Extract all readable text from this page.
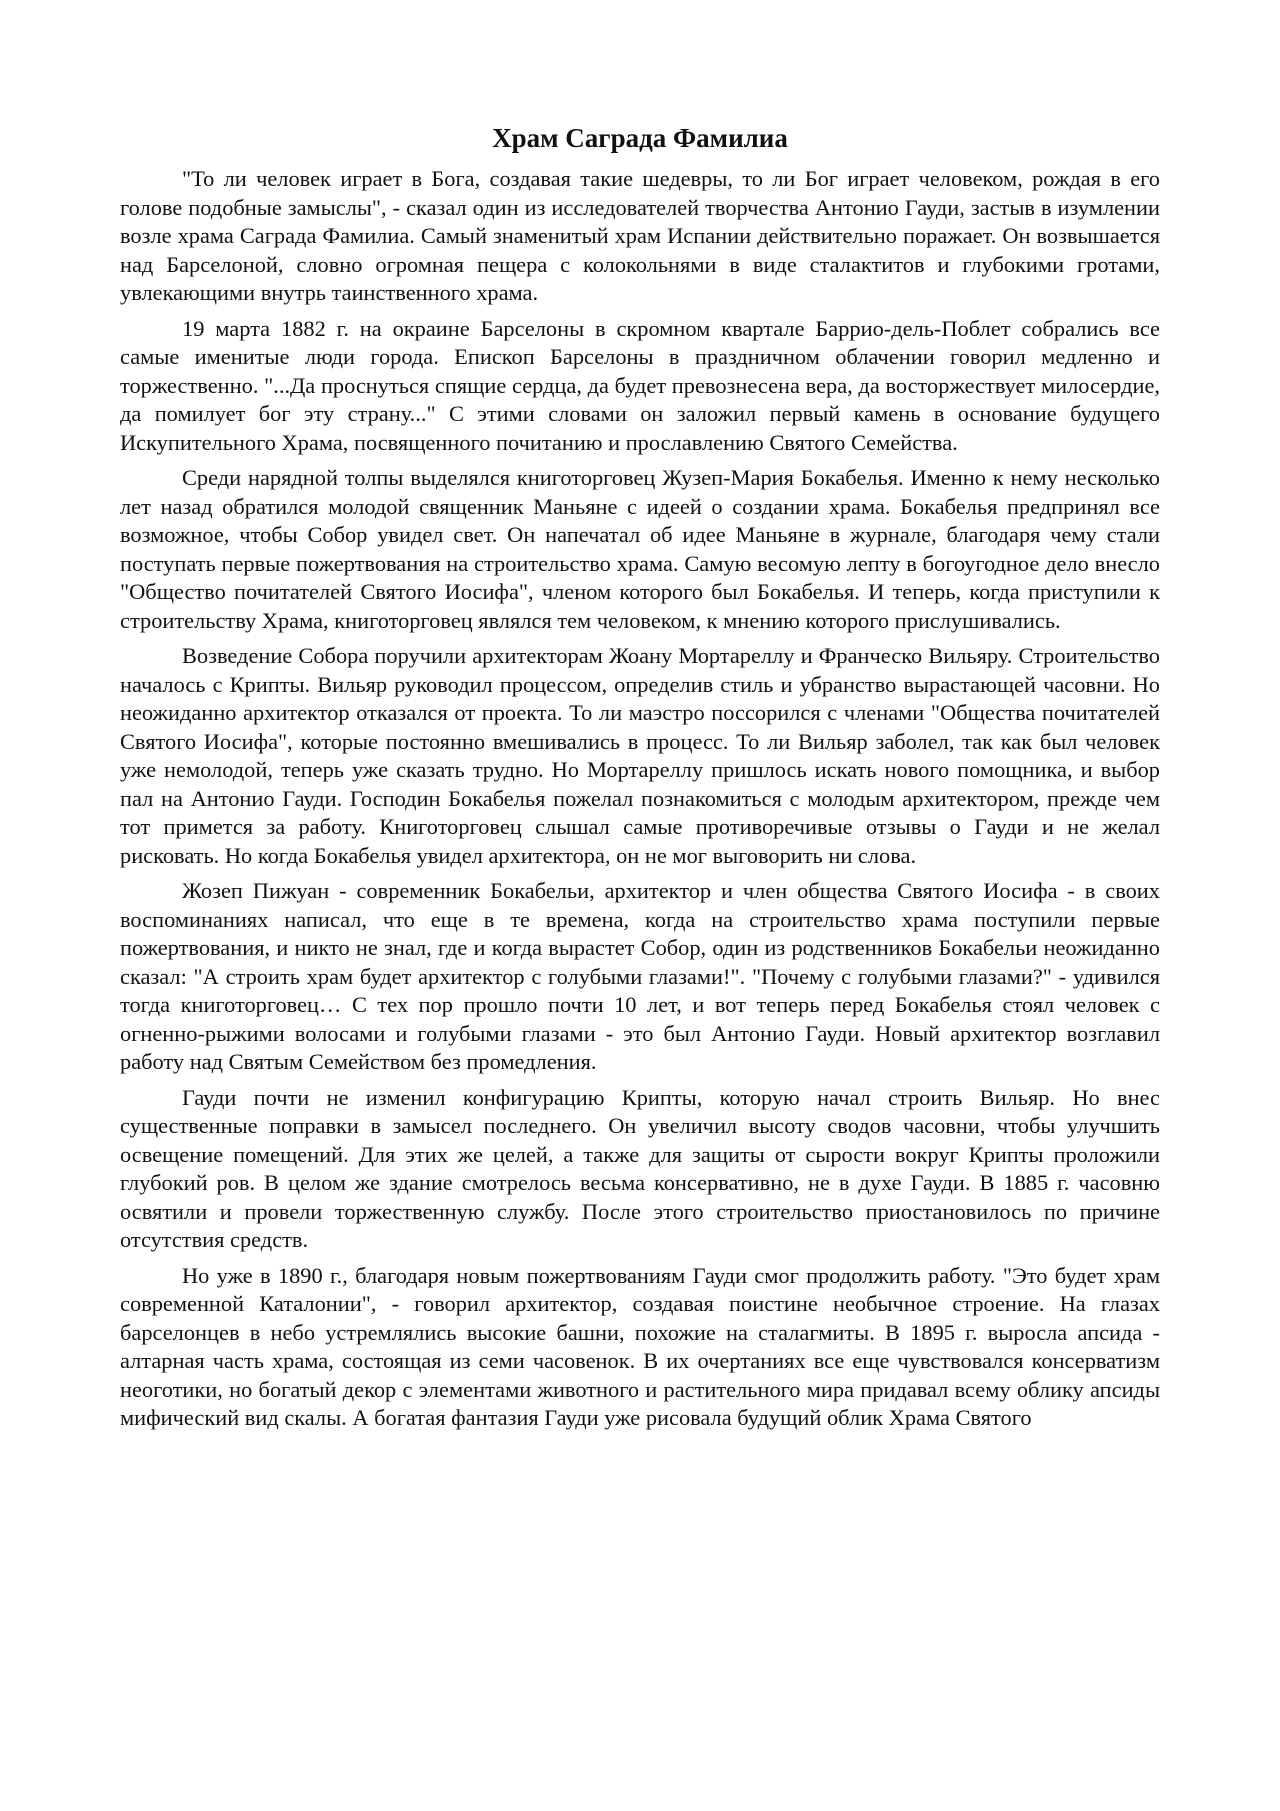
Храм Саграда Фамилиа

"То ли человек играет в Бога, создавая такие шедевры, то ли Бог играет человеком, рождая в его голове подобные замыслы", - сказал один из исследователей творчества Антонио Гауди, застыв в изумлении возле храма Саграда Фамилиа. Самый знаменитый храм Испании действительно поражает. Он возвышается над Барселоной, словно огромная пещера с колокольнями в виде сталактитов и глубокими гротами, увлекающими внутрь таинственного храма.

19 марта 1882 г. на окраине Барселоны в скромном квартале Баррио-дель-Поблет собрались все самые именитые люди города. Епископ Барселоны в праздничном облачении говорил медленно и торжественно. "...Да проснуться спящие сердца, да будет превознесена вера, да восторжествует милосердие, да помилует бог эту страну..." С этими словами он заложил первый камень в основание будущего Искупительного Храма, посвященного почитанию и прославлению Святого Семейства.

Среди нарядной толпы выделялся книготорговец Жузеп-Мария Бокабелья. Именно к нему несколько лет назад обратился молодой священник Маньяне с идеей о создании храма. Бокабелья предпринял все возможное, чтобы Собор увидел свет. Он напечатал об идее Маньяне в журнале, благодаря чему стали поступать первые пожертвования на строительство храма. Самую весомую лепту в богоугодное дело внесло "Общество почитателей Святого Иосифа", членом которого был Бокабелья. И теперь, когда приступили к строительству Храма, книготорговец являлся тем человеком, к мнению которого прислушивались.

Возведение Собора поручили архитекторам Жоану Мортареллу и Франческо Вильяру. Строительство началось с Крипты. Вильяр руководил процессом, определив стиль и убранство вырастающей часовни. Но неожиданно архитектор отказался от проекта. То ли маэстро поссорился с членами "Общества почитателей Святого Иосифа", которые постоянно вмешивались в процесс. То ли Вильяр заболел, так как был человек уже немолодой, теперь уже сказать трудно. Но Мортареллу пришлось искать нового помощника, и выбор пал на Антонио Гауди. Господин Бокабелья пожелал познакомиться с молодым архитектором, прежде чем тот примется за работу. Книготорговец слышал самые противоречивые отзывы о Гауди и не желал рисковать. Но когда Бокабелья увидел архитектора, он не мог выговорить ни слова.

Жозеп Пижуан - современник Бокабельи, архитектор и член общества Святого Иосифа - в своих воспоминаниях написал, что еще в те времена, когда на строительство храма поступили первые пожертвования, и никто не знал, где и когда вырастет Собор, один из родственников Бокабельи неожиданно сказал: "А строить храм будет архитектор с голубыми глазами!". "Почему с голубыми глазами?" - удивился тогда книготорговец… С тех пор прошло почти 10 лет, и вот теперь перед Бокабелья стоял человек с огненно-рыжими волосами и голубыми глазами - это был Антонио Гауди. Новый архитектор возглавил работу над Святым Семейством без промедления.

Гауди почти не изменил конфигурацию Крипты, которую начал строить Вильяр. Но внес существенные поправки в замысел последнего. Он увеличил высоту сводов часовни, чтобы улучшить освещение помещений. Для этих же целей, а также для защиты от сырости вокруг Крипты проложили глубокий ров. В целом же здание смотрелось весьма консервативно, не в духе Гауди. В 1885 г. часовню освятили и провели торжественную службу. После этого строительство приостановилось по причине отсутствия средств.

Но уже в 1890 г., благодаря новым пожертвованиям Гауди смог продолжить работу. "Это будет храм современной Каталонии", - говорил архитектор, создавая поистине необычное строение. На глазах барселонцев в небо устремлялись высокие башни, похожие на сталагмиты. В 1895 г. выросла апсида - алтарная часть храма, состоящая из семи часовенок. В их очертаниях все еще чувствовался консерватизм неоготики, но богатый декор с элементами животного и растительного мира придавал всему облику апсиды мифический вид скалы. А богатая фантазия Гауди уже рисовала будущий облик Храма Святого
